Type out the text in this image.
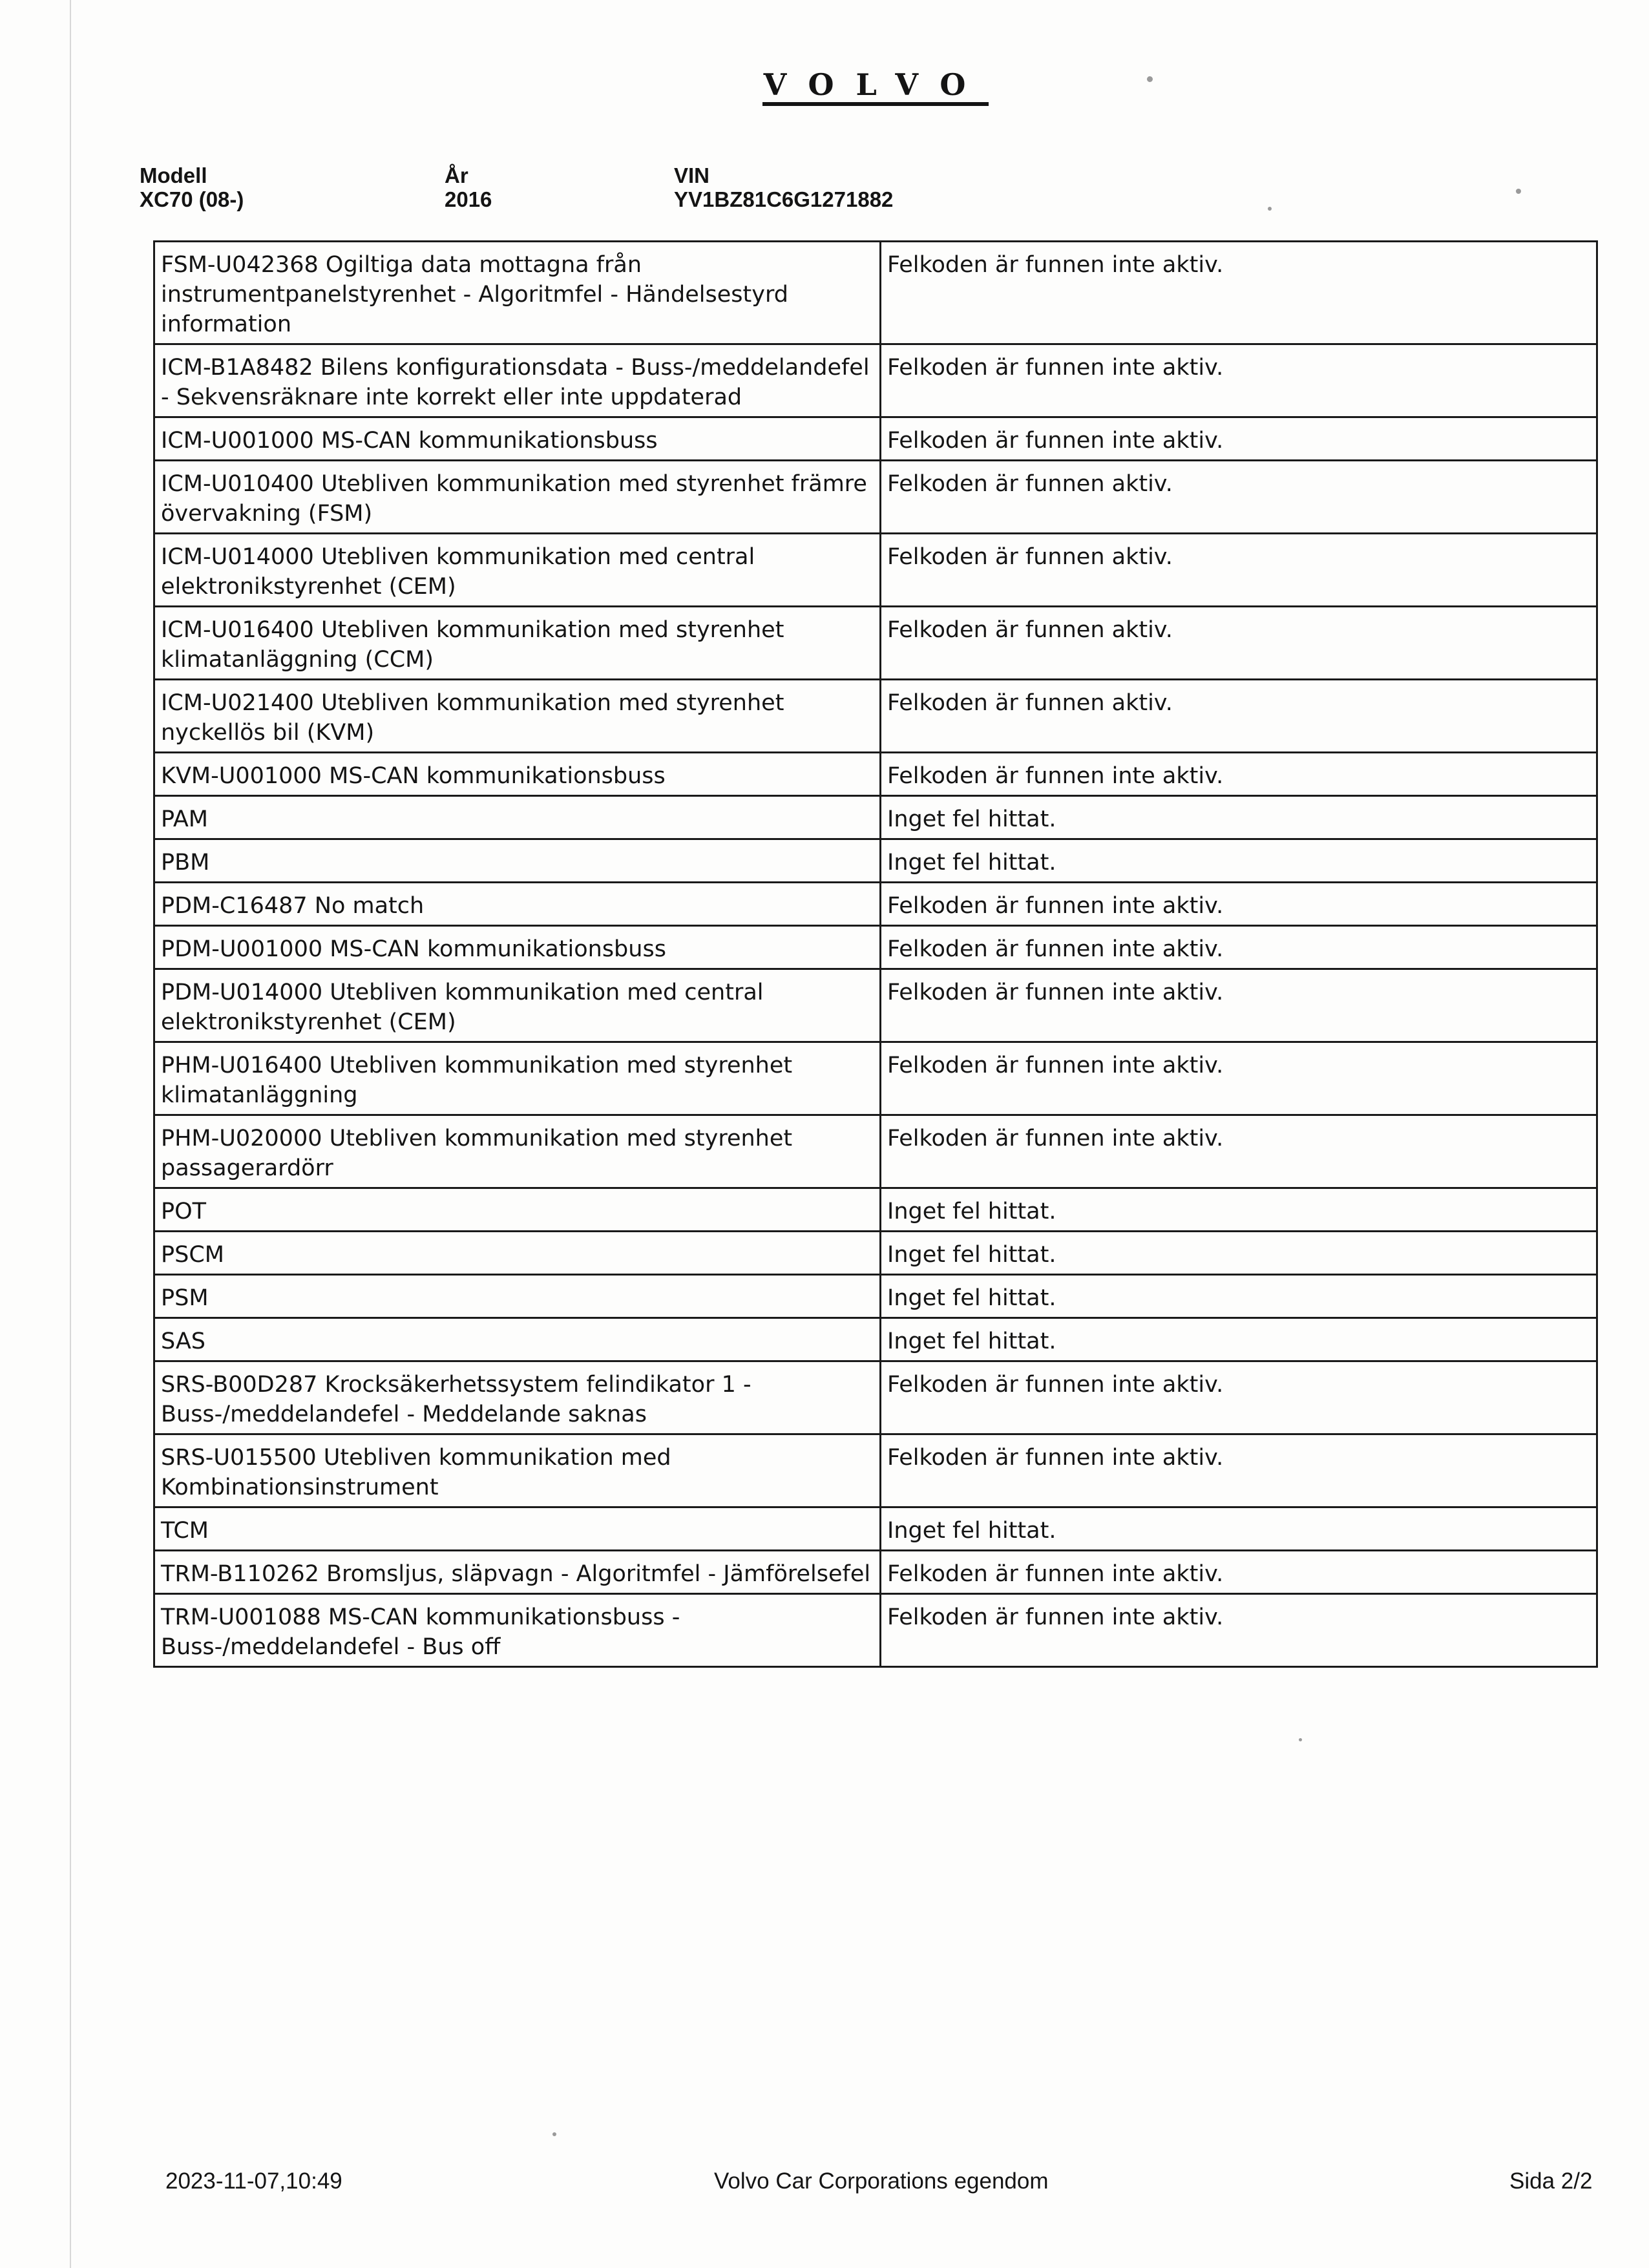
VOLVO
Modell
XC70 (08-)
År
2016
VIN
YV1BZ81C6G1271882
FSM-U042368 Ogiltiga data mottagna från instrumentpanelstyrenhet - Algoritmfel - Händelsestyrd information	Felkoden är funnen inte aktiv.
ICM-B1A8482 Bilens konfigurationsdata - Buss-/meddelandefel - Sekvensräknare inte korrekt eller inte uppdaterad	Felkoden är funnen inte aktiv.
ICM-U001000 MS-CAN kommunikationsbuss	Felkoden är funnen inte aktiv.
ICM-U010400 Utebliven kommunikation med styrenhet främre övervakning (FSM)	Felkoden är funnen aktiv.
ICM-U014000 Utebliven kommunikation med central elektronikstyrenhet (CEM)	Felkoden är funnen aktiv.
ICM-U016400 Utebliven kommunikation med styrenhet klimatanläggning (CCM)	Felkoden är funnen aktiv.
ICM-U021400 Utebliven kommunikation med styrenhet nyckellös bil (KVM)	Felkoden är funnen aktiv.
KVM-U001000 MS-CAN kommunikationsbuss	Felkoden är funnen inte aktiv.
PAM	Inget fel hittat.
PBM	Inget fel hittat.
PDM-C16487 No match	Felkoden är funnen inte aktiv.
PDM-U001000 MS-CAN kommunikationsbuss	Felkoden är funnen inte aktiv.
PDM-U014000 Utebliven kommunikation med central elektronikstyrenhet (CEM)	Felkoden är funnen inte aktiv.
PHM-U016400 Utebliven kommunikation med styrenhet klimatanläggning	Felkoden är funnen inte aktiv.
PHM-U020000 Utebliven kommunikation med styrenhet passagerardörr	Felkoden är funnen inte aktiv.
POT	Inget fel hittat.
PSCM	Inget fel hittat.
PSM	Inget fel hittat.
SAS	Inget fel hittat.
SRS-B00D287 Krocksäkerhetssystem felindikator 1 - Buss-/meddelandefel - Meddelande saknas	Felkoden är funnen inte aktiv.
SRS-U015500 Utebliven kommunikation med Kombinationsinstrument	Felkoden är funnen inte aktiv.
TCM	Inget fel hittat.
TRM-B110262 Bromsljus, släpvagn - Algoritmfel - Jämförelsefel	Felkoden är funnen inte aktiv.
TRM-U001088 MS-CAN kommunikationsbuss - Buss-/meddelandefel - Bus off	Felkoden är funnen inte aktiv.
2023-11-07,10:49	Volvo Car Corporations egendom	Sida 2/2
